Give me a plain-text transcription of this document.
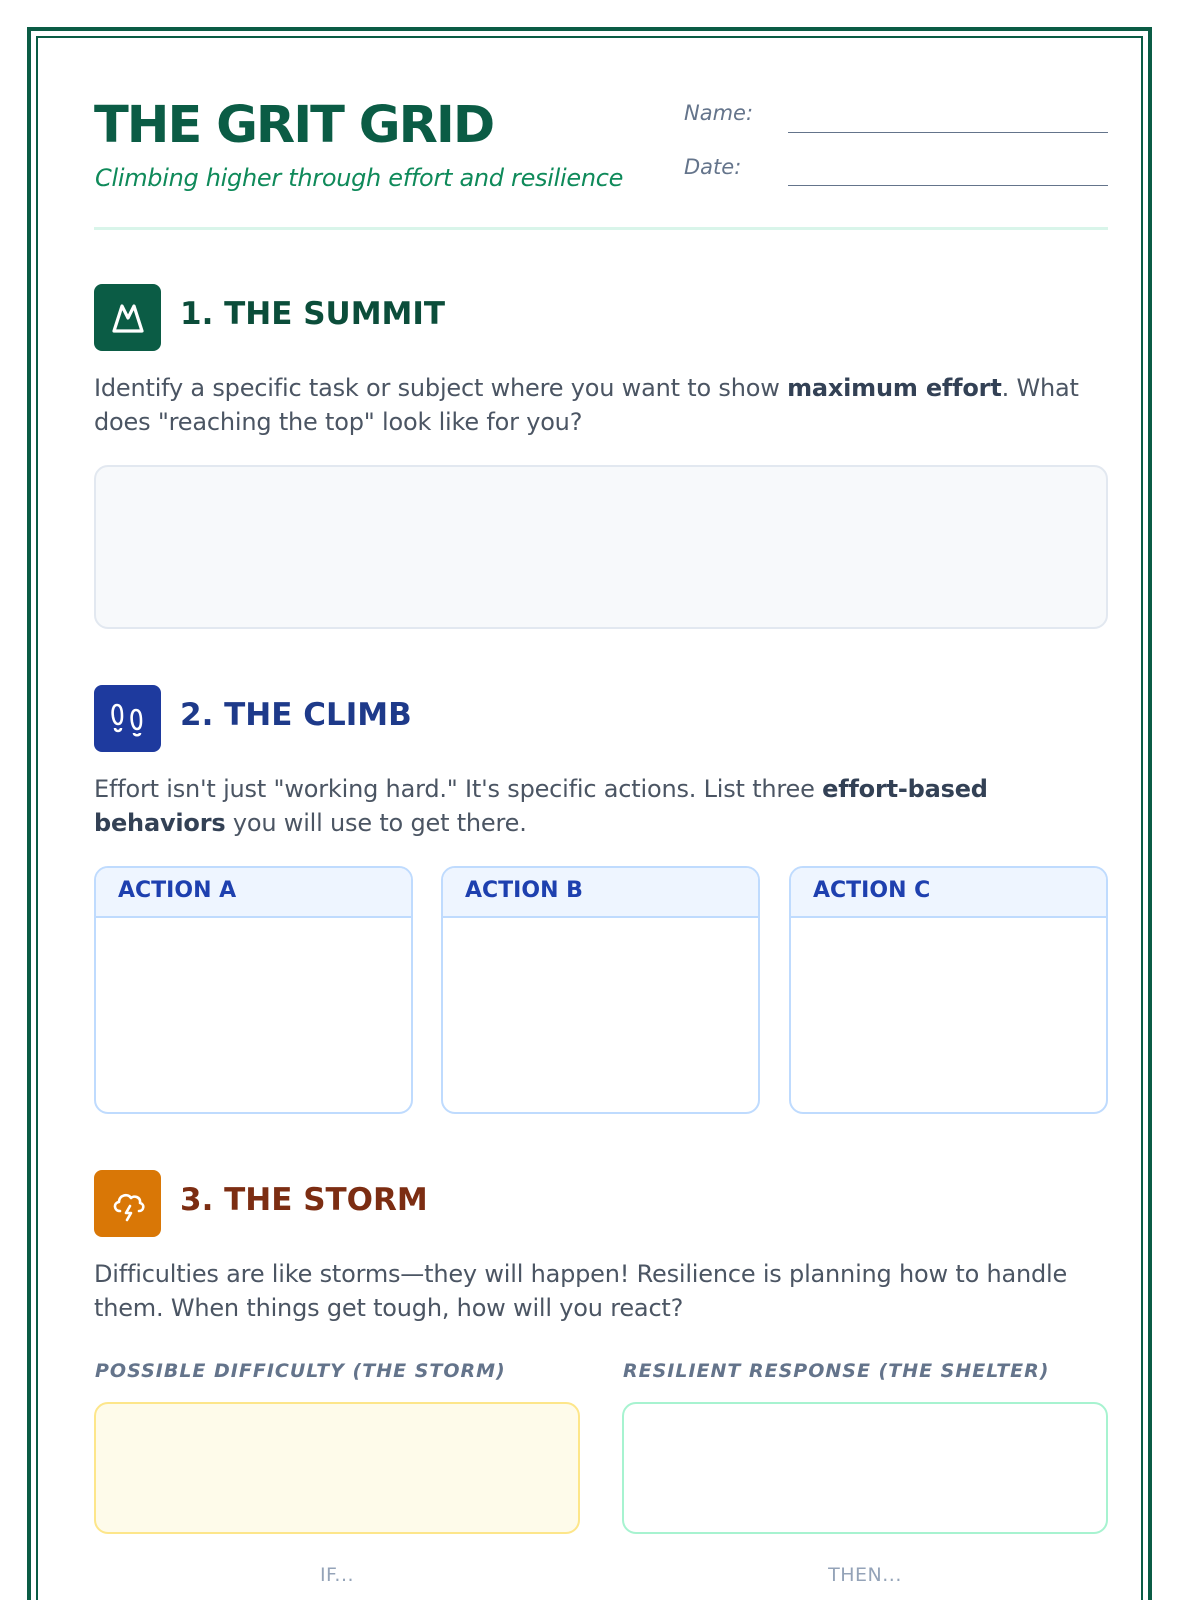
THE GRIT GRID
Climbing higher through effort and resilience
Name:
Date:
1. THE SUMMIT
Identify a specific task or subject where you want to show maximum effort. What does "reaching the top" look like for you?
2. THE CLIMB
Effort isn't just "working hard." It's specific actions. List three effort-based behaviors you will use to get there.
ACTION A	ACTION B	ACTION C
3. THE STORM
Difficulties are like storms—they will happen! Resilience is planning how to handle them. When things get tough, how will you react?
POSSIBLE DIFFICULTY (THE STORM)	RESILIENT RESPONSE (THE SHELTER)
IF...	THEN...
